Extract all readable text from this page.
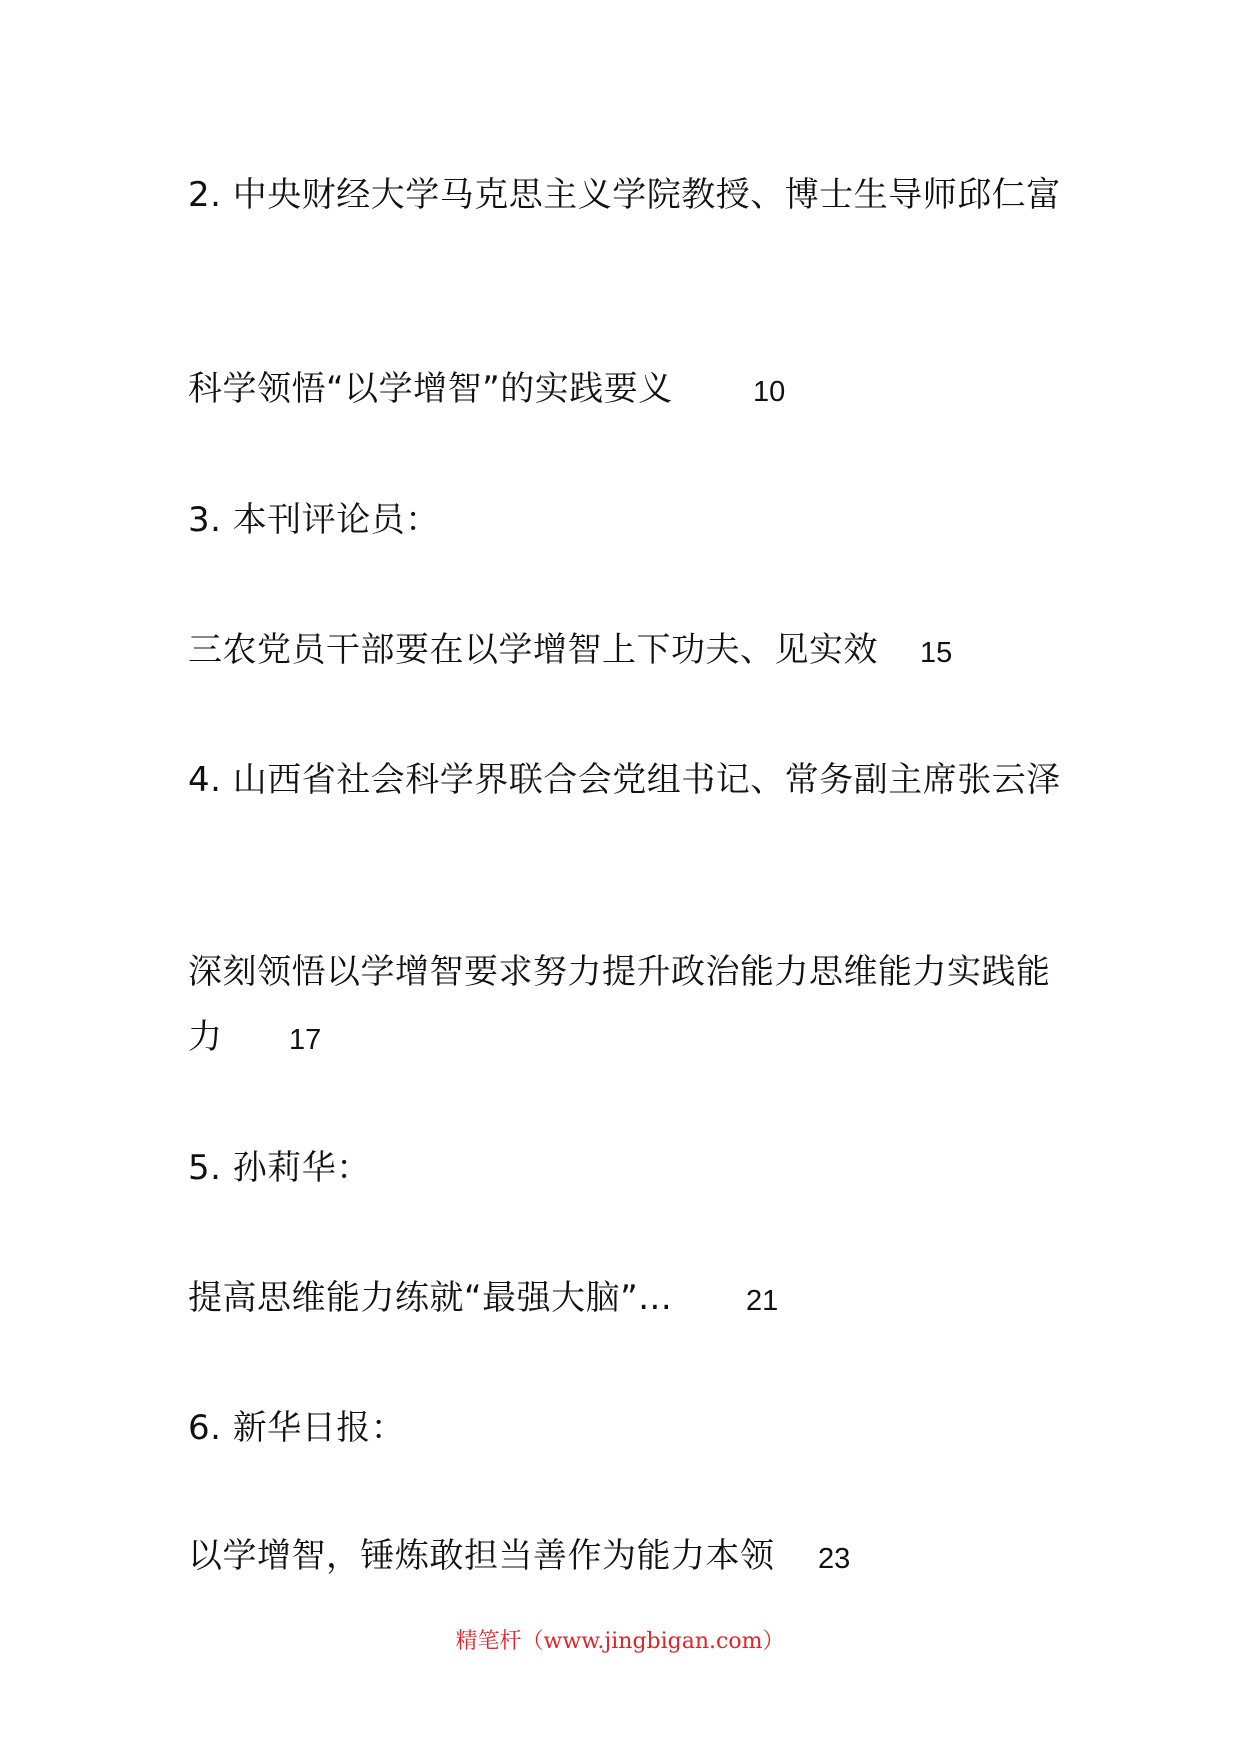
2. 中央财经大学马克思主义学院教授、博士生导师邱仁富
科学领悟“以学增智”的实践要义	10
3. 本刊评论员：
三农党员干部要在以学增智上下功夫、见实效 15
4. 山西省社会科学界联合会党组书记、常务副主席张云泽
深刻领悟以学增智要求努力提升政治能力思维能力实践能
力 17
5. 孙莉华：
提高思维能力练就“最强大脑”...	21
6. 新华日报：
以学增智，锤炼敢担当善作为能力本领 23
精笔杆（www.jingbigan.com）
